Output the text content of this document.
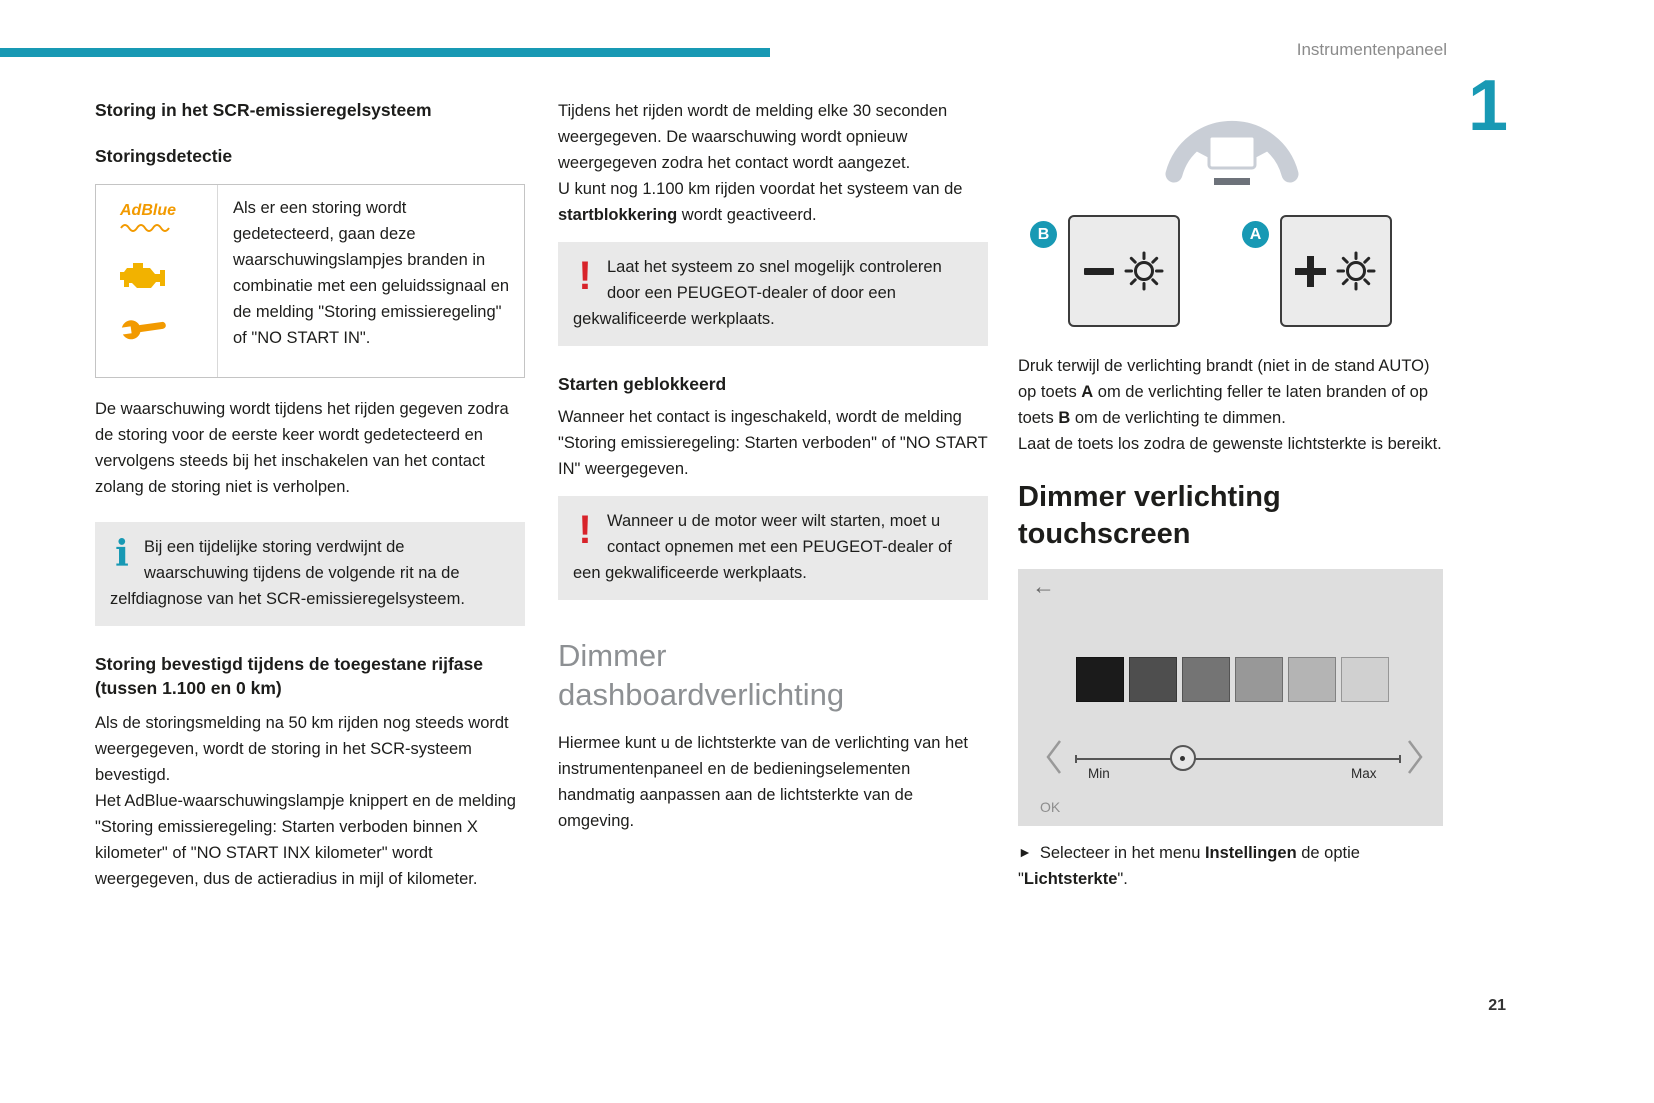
Instrumentenpaneel
1
21
Storing in het SCR-emissieregelsysteem
Storingsdetectie
AdBlue	Als er een storing wordt gedetecteerd, gaan deze waarschuwingslampjes branden in combinatie met een geluidssignaal en de melding "Storing emissieregeling" of "NO START IN".

De waarschuwing wordt tijdens het rijden gegeven zodra de storing voor de eerste keer wordt gedetecteerd en vervolgens steeds bij het inschakelen van het contact zolang de storing niet is verholpen.

i Bij een tijdelijke storing verdwijnt de waarschuwing tijdens de volgende rit na de zelfdiagnose van het SCR-emissieregelsysteem.
Storing bevestigd tijdens de toegestane rijfase (tussen 1.100 en 0 km)

Als de storingsmelding na 50 km rijden nog steeds wordt weergegeven, wordt de storing in het SCR-systeem bevestigd.

Het AdBlue-waarschuwingslampje knippert en de melding "Storing emissieregeling: Starten verboden binnen X kilometer" of "NO START INX kilometer" wordt weergegeven, dus de actieradius in mijl of kilometer.

Tijdens het rijden wordt de melding elke 30 seconden weergegeven. De waarschuwing wordt opnieuw weergegeven zodra het contact wordt aangezet.

U kunt nog 1.100 km rijden voordat het systeem van de startblokkering wordt geactiveerd.

! Laat het systeem zo snel mogelijk controleren door een PEUGEOT-dealer of door een gekwalificeerde werkplaats.
Starten geblokkeerd

Wanneer het contact is ingeschakeld, wordt de melding "Storing emissieregeling: Starten verboden" of "NO START IN" weergegeven.

! Wanneer u de motor weer wilt starten, moet u contact opnemen met een PEUGEOT-dealer of een gekwalificeerde werkplaats.
Dimmer dashboardverlichting

Hiermee kunt u de lichtsterkte van de verlichting van het instrumentenpaneel en de bedieningselementen handmatig aanpassen aan de lichtsterkte van de omgeving.

B	A

Druk terwijl de verlichting brandt (niet in de stand AUTO) op toets A om de verlichting feller te laten branden of op toets B om de verlichting te dimmen.

Laat de toets los zodra de gewenste lichtsterkte is bereikt.

Dimmer verlichting touchscreen
←
Min	Max
OK

► Selecteer in het menu Instellingen de optie "Lichtsterkte".
